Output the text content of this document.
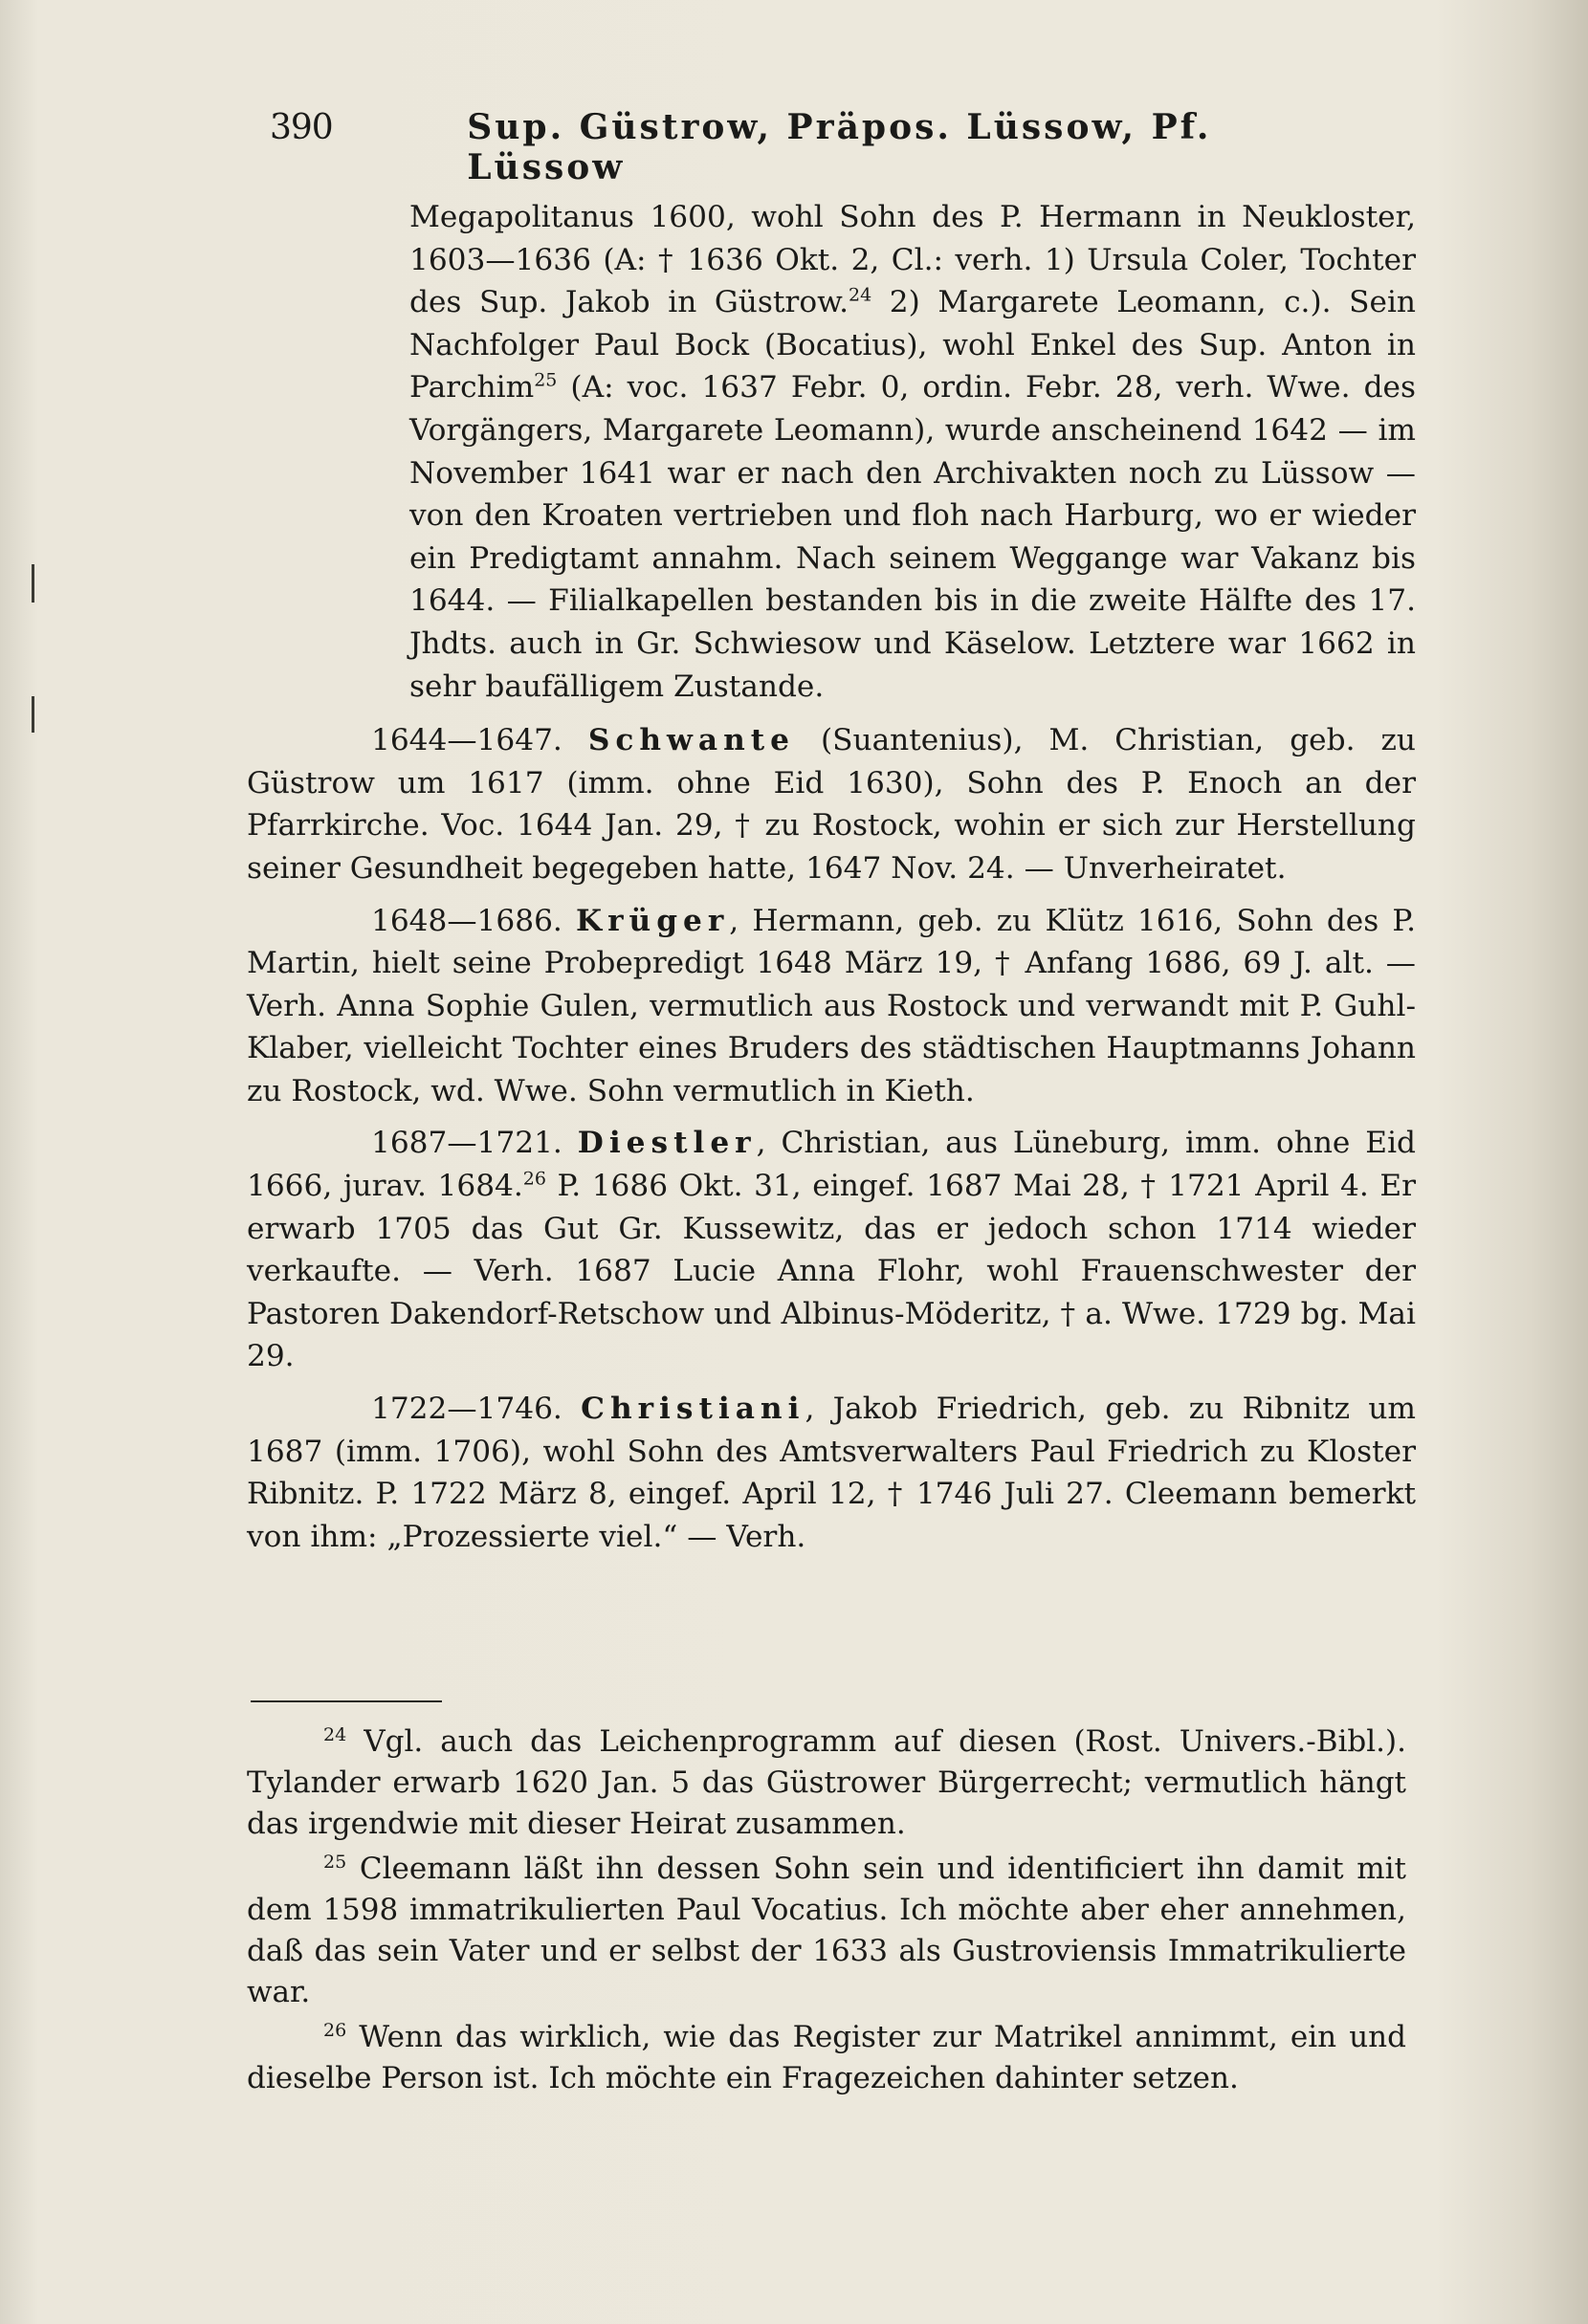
390	Sup. Güstrow, Präpos. Lüssow, Pf. Lüssow

Megapolitanus 1600, wohl Sohn des P. Hermann in Neukloster, 1603—1636 (A: † 1636 Okt. 2, Cl.: verh. 1) Ursula Coler, Tochter des Sup. Jakob in Güstrow.$^{24}$ 2) Margarete Leomann, c.). Sein Nachfolger Paul Bock (Bocatius), wohl Enkel des Sup. Anton in Parchim$^{25}$ (A: voc. 1637 Febr. 0, ordin. Febr. 28, verh. Wwe. des Vorgängers, Margarete Leomann), wurde anscheinend 1642 — im November 1641 war er nach den Archivakten noch zu Lüssow — von den Kroaten vertrieben und floh nach Harburg, wo er wieder ein Predigtamt annahm. Nach seinem Weggange war Vakanz bis 1644. — Filialkapellen bestanden bis in die zweite Hälfte des 17. Jhdts. auch in Gr. Schwiesow und Käselow. Letztere war 1662 in sehr baufälligem Zustande.

1644—1647. Schwante (Suantenius), M. Christian, geb. zu Güstrow um 1617 (imm. ohne Eid 1630), Sohn des P. Enoch an der Pfarrkirche. Voc. 1644 Jan. 29, † zu Rostock, wohin er sich zur Herstellung seiner Gesundheit begegeben hatte, 1647 Nov. 24. — Unverheiratet.

1648—1686. Krüger, Hermann, geb. zu Klütz 1616, Sohn des P. Martin, hielt seine Probepredigt 1648 März 19, † Anfang 1686, 69 J. alt. — Verh. Anna Sophie Gulen, vermutlich aus Rostock und verwandt mit P. Guhl-Klaber, vielleicht Tochter eines Bruders des städtischen Hauptmanns Johann zu Rostock, wd. Wwe. Sohn vermutlich in Kieth.

1687—1721. Diestler, Christian, aus Lüneburg, imm. ohne Eid 1666, jurav. 1684.26 P. 1686 Okt. 31, eingef. 1687 Mai 28, † 1721 April 4. Er erwarb 1705 das Gut Gr. Kussewitz, das er jedoch schon 1714 wieder verkaufte. — Verh. 1687 Lucie Anna Flohr, wohl Frauenschwester der Pastoren Dakendorf-Retschow und Albinus-Möderitz, † a. Wwe. 1729 bg. Mai 29.

1722—1746. Christiani, Jakob Friedrich, geb. zu Ribnitz um 1687 (imm. 1706), wohl Sohn des Amtsverwalters Paul Friedrich zu Kloster Ribnitz. P. 1722 März 8, eingef. April 12, † 1746 Juli 27. Cleemann bemerkt von ihm: „Prozessierte viel.“ — Verh.

$^{24}$ Vgl. auch das Leichenprogramm auf diesen (Rost. Univers.-Bibl.). Tylander erwarb 1620 Jan. 5 das Güstrower Bürgerrecht; vermutlich hängt das irgendwie mit dieser Heirat zusammen.

$^{25}$ Cleemann läßt ihn dessen Sohn sein und identificiert ihn damit mit dem 1598 immatrikulierten Paul Vocatius. Ich möchte aber eher annehmen, daß das sein Vater und er selbst der 1633 als Gustroviensis Immatrikulierte war.

$^{26}$ Wenn das wirklich, wie das Register zur Matrikel annimmt, ein und dieselbe Person ist. Ich möchte ein Fragezeichen dahinter setzen.
